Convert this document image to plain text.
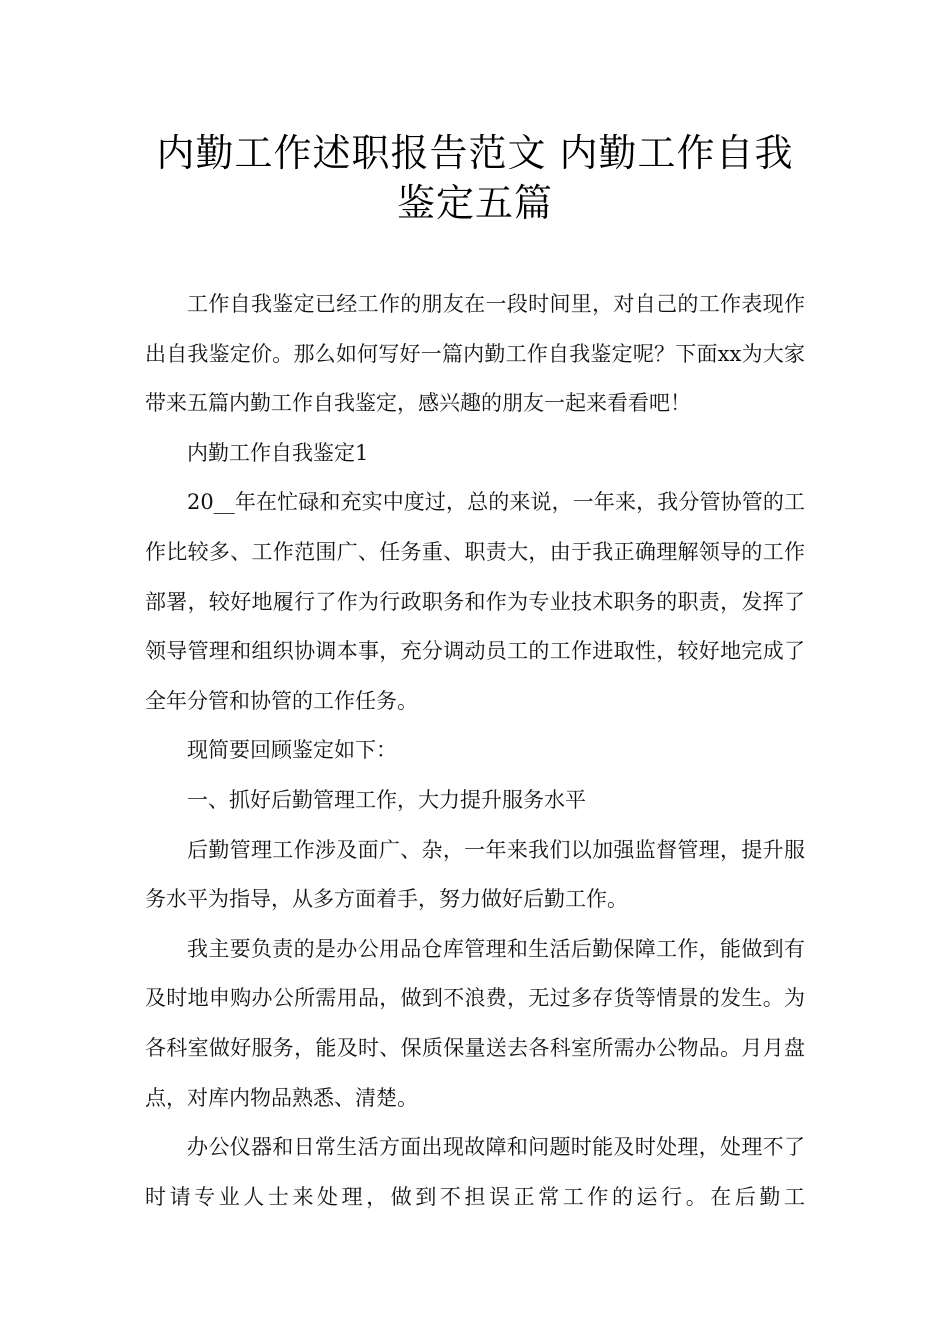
内勤工作述职报告范文 内勤工作自我
鉴定五篇

工作自我鉴定已经工作的朋友在一段时间里，对自己的工作表现作出自我鉴定价。那么如何写好一篇内勤工作自我鉴定呢？下面xx为大家带来五篇内勤工作自我鉴定，感兴趣的朋友一起来看看吧！

内勤工作自我鉴定1

20__年在忙碌和充实中度过，总的来说，一年来，我分管协管的工作比较多、工作范围广、任务重、职责大，由于我正确理解领导的工作部署，较好地履行了作为行政职务和作为专业技术职务的职责，发挥了领导管理和组织协调本事，充分调动员工的工作进取性，较好地完成了全年分管和协管的工作任务。

现简要回顾鉴定如下：

一、抓好后勤管理工作，大力提升服务水平

后勤管理工作涉及面广、杂，一年来我们以加强监督管理，提升服务水平为指导，从多方面着手，努力做好后勤工作。

我主要负责的是办公用品仓库管理和生活后勤保障工作，能做到有及时地申购办公所需用品，做到不浪费，无过多存货等情景的发生。为各科室做好服务，能及时、保质保量送去各科室所需办公物品。月月盘点，对库内物品熟悉、清楚。

办公仪器和日常生活方面出现故障和问题时能及时处理，处理不了时请专业人士来处理，做到不担误正常工作的运行。在后勤工
